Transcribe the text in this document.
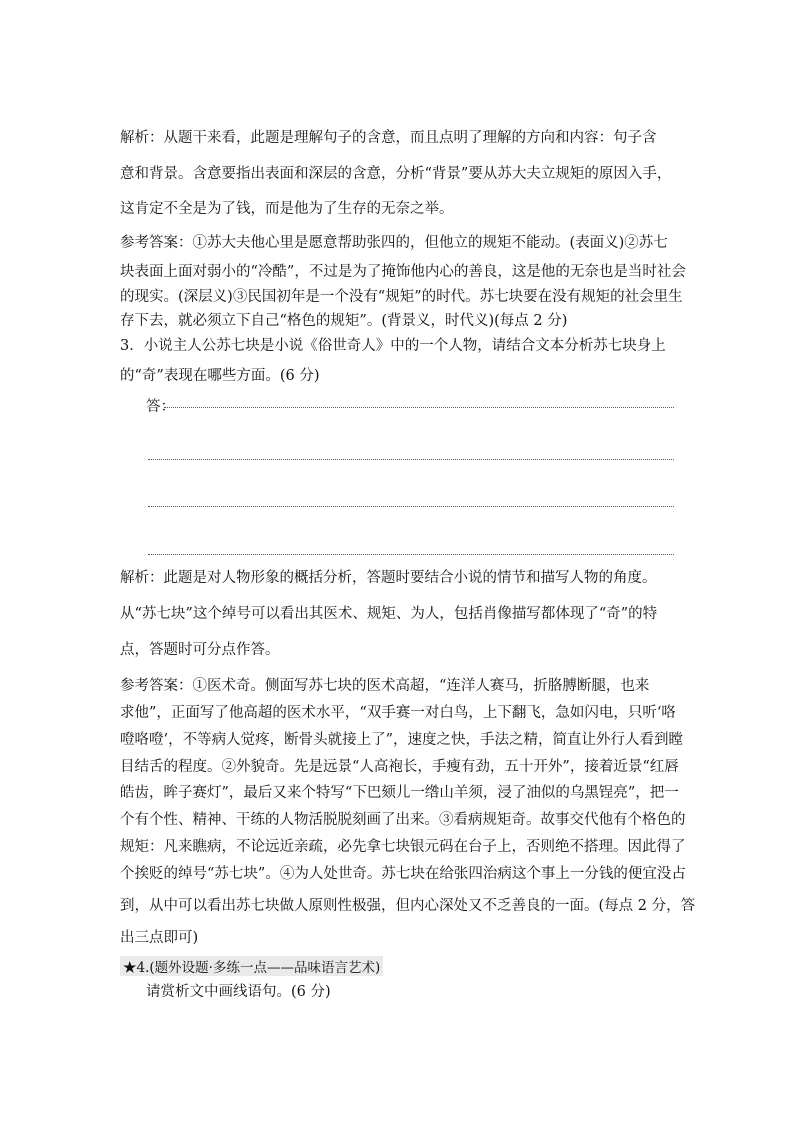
解析：从题干来看，此题是理解句子的含意，而且点明了理解的方向和内容：句子含
意和背景。含意要指出表面和深层的含意，分析“背景”要从苏大夫立规矩的原因入手，
这肯定不全是为了钱，而是他为了生存的无奈之举。
参考答案：①苏大夫他心里是愿意帮助张四的，但他立的规矩不能动。(表面义)②苏七
块表面上面对弱小的“冷酷”，不过是为了掩饰他内心的善良，这是他的无奈也是当时社会
的现实。(深层义)③民国初年是一个没有“规矩”的时代。苏七块要在没有规矩的社会里生
存下去，就必须立下自己“格色的规矩”。(背景义，时代义)(每点 2 分)
3．小说主人公苏七块是小说《俗世奇人》中的一个人物，请结合文本分析苏七块身上
的“奇”表现在哪些方面。(6 分)
答：
解析：此题是对人物形象的概括分析，答题时要结合小说的情节和描写人物的角度。
从“苏七块”这个绰号可以看出其医术、规矩、为人，包括肖像描写都体现了“奇”的特
点，答题时可分点作答。
参考答案：①医术奇。侧面写苏七块的医术高超，“连洋人赛马，折胳膊断腿，也来
求他”，正面写了他高超的医术水平，“双手赛一对白鸟，上下翻飞，急如闪电，只听‘咯
噔咯噔’，不等病人觉疼，断骨头就接上了”，速度之快，手法之精，简直让外行人看到瞠
目结舌的程度。②外貌奇。先是远景“人高袍长，手瘦有劲，五十开外”，接着近景“红唇
皓齿，眸子赛灯”，最后又来个特写“下巴颏儿一绺山羊须，浸了油似的乌黑锃亮”，把一
个有个性、精神、干练的人物活脱脱刻画了出来。③看病规矩奇。故事交代他有个格色的
规矩：凡来瞧病，不论远近亲疏，必先拿七块银元码在台子上，否则绝不搭理。因此得了
个挨贬的绰号“苏七块”。④为人处世奇。苏七块在给张四治病这个事上一分钱的便宜没占
到，从中可以看出苏七块做人原则性极强，但内心深处又不乏善良的一面。(每点 2 分，答
出三点即可)
★4.(题外设题·多练一点——品味语言艺术)
请赏析文中画线语句。(6 分)
